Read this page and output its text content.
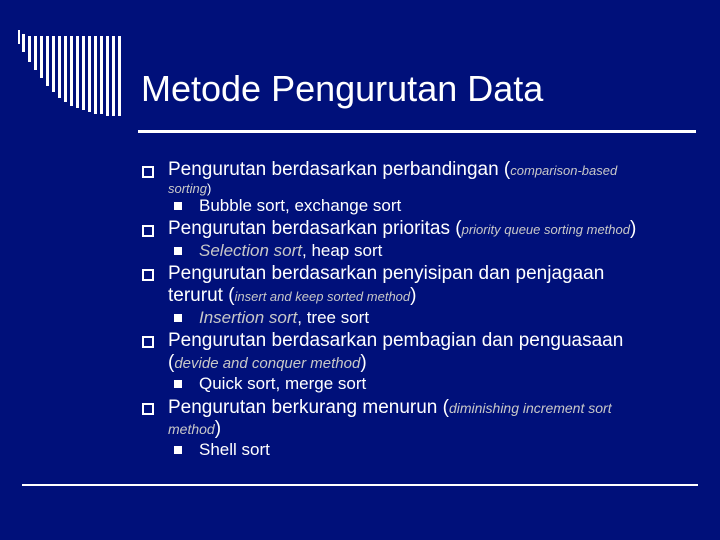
Metode Pengurutan Data
Pengurutan berdasarkan perbandingan (comparison-based
sorting)
Bubble sort, exchange sort
Pengurutan berdasarkan prioritas (priority queue sorting method)
Selection sort, heap sort
Pengurutan berdasarkan penyisipan dan penjagaan
terurut (insert and keep sorted method)
Insertion sort, tree sort
Pengurutan berdasarkan pembagian dan penguasaan
(devide and conquer method)
Quick sort, merge sort
Pengurutan berkurang menurun (diminishing increment sort
method)
Shell sort
